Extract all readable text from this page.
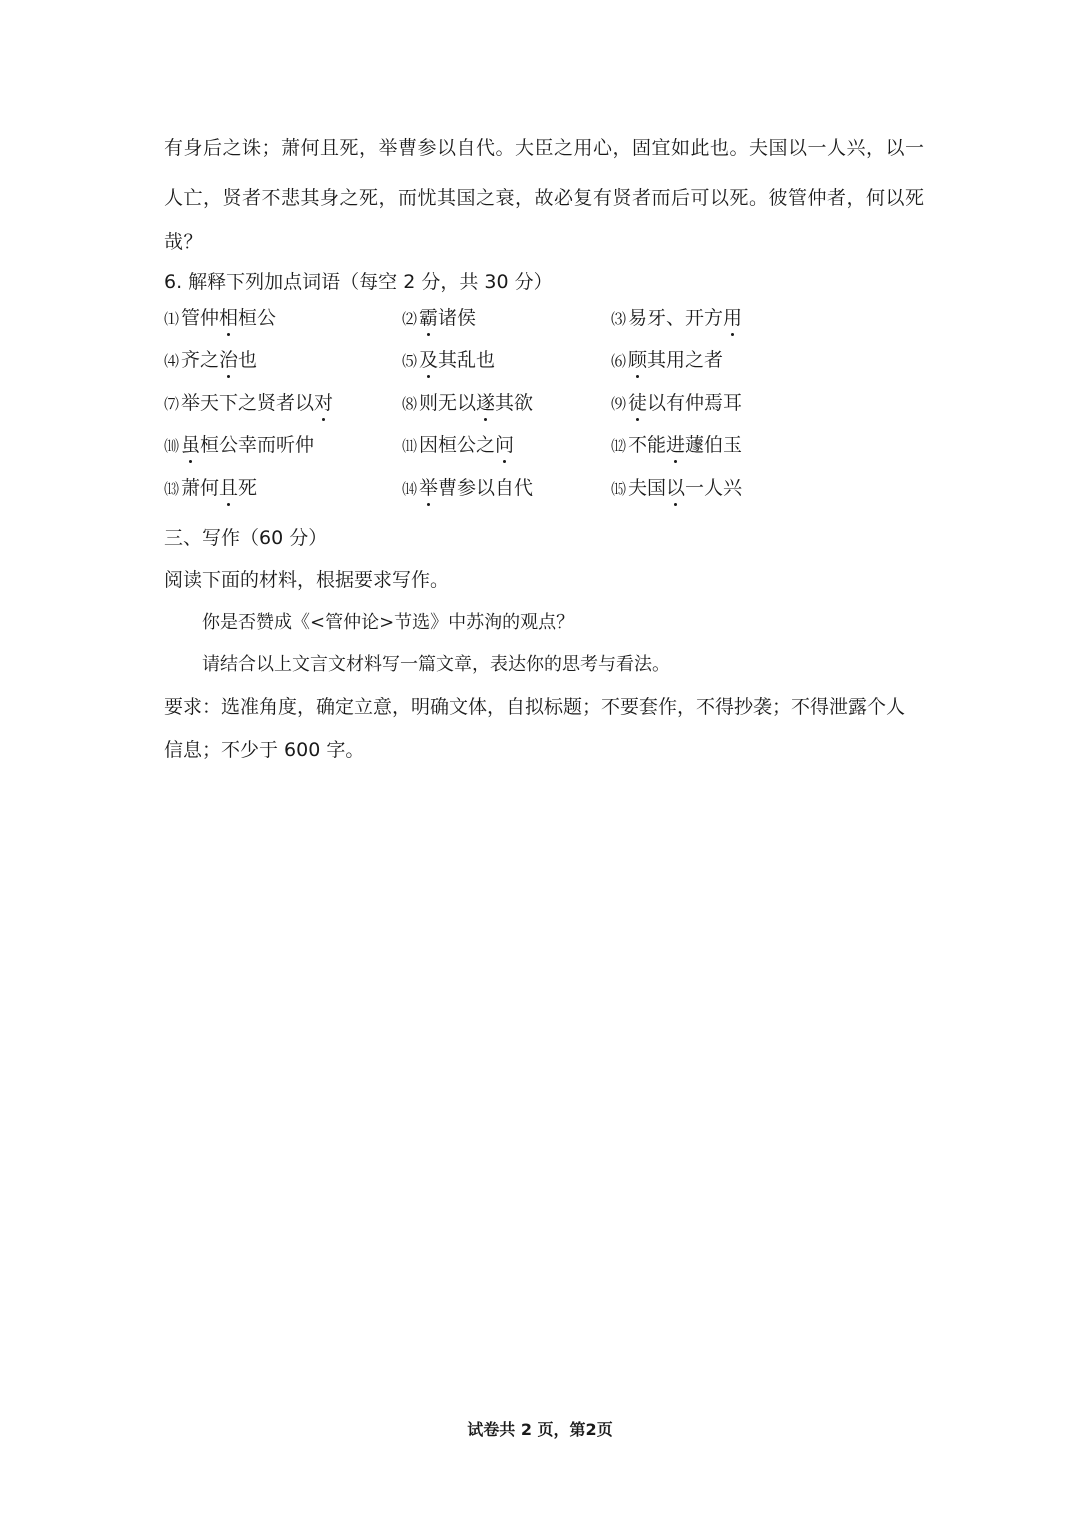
有身后之诛；萧何且死，举曹参以自代。大臣之用心，固宜如此也。夫国以一人兴，以一
人亡，贤者不悲其身之死，而忧其国之衰，故必复有贤者而后可以死。彼管仲者，何以死
哉？
6. 解释下列加点词语（每空 2 分，共 30 分）
⑴ 管仲相桓公	⑵ 霸诸侯	⑶ 易牙、开方用
⑷ 齐之治也	⑸ 及其乱也	⑹ 顾其用之者
⑺ 举天下之贤者以对	⑻ 则无以遂其欲	⑼ 徒以有仲焉耳
⑽ 虽桓公幸而听仲	⑾ 因桓公之问	⑿ 不能进蘧伯玉
⒀ 萧何且死	⒁ 举曹参以自代	⒂ 夫国以一人兴
三、写作（60 分）
阅读下面的材料，根据要求写作。
你是否赞成《<管仲论>节选》中苏洵的观点？
请结合以上文言文材料写一篇文章，表达你的思考与看法。
要求：选准角度，确定立意，明确文体，自拟标题；不要套作，不得抄袭；不得泄露个人
信息；不少于 600 字。
试卷共 2 页，第2页
